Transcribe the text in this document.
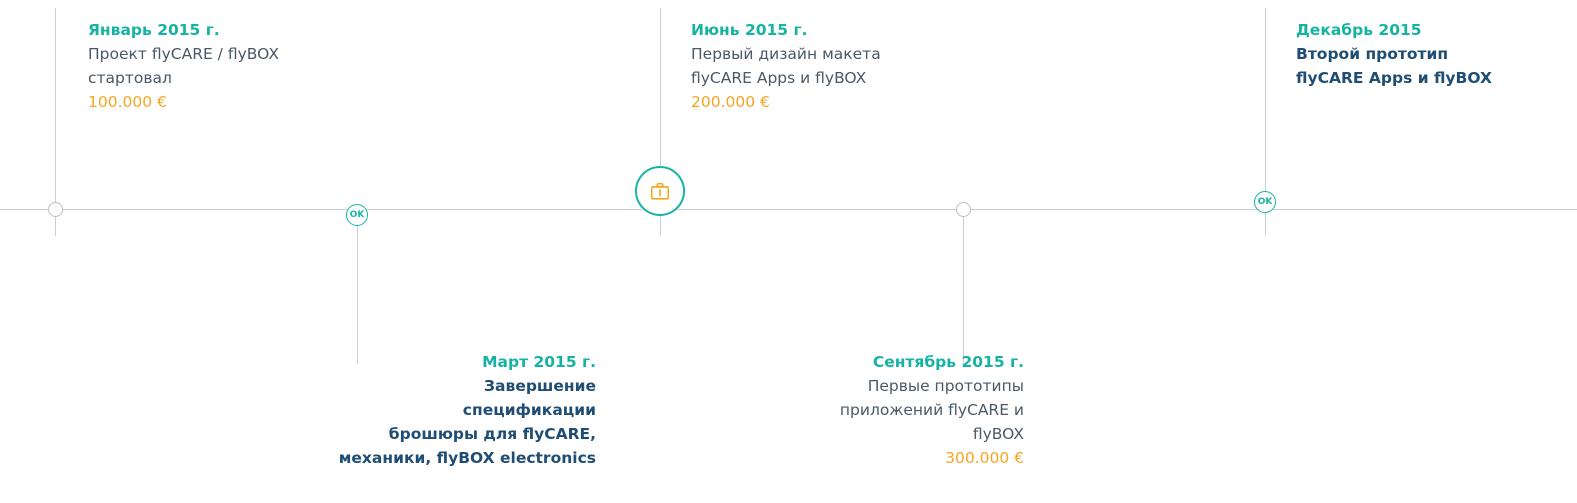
OK
OK
Январь 2015 г.
Проект flyCARE / flyBOX
стартовал
100.000 €
Март 2015 г.
Завершение
спецификации
брошюры для flyCARE,
механики, flyBOX electronics
Июнь 2015 г.
Первый дизайн макета
flyCARE Apps и flyBOX
200.000 €
Сентябрь 2015 г.
Первые прототипы
приложений flyCARE и
flyBOX
300.000 €
Декабрь 2015
Второй прототип
flyCARE Apps и flyBOX
